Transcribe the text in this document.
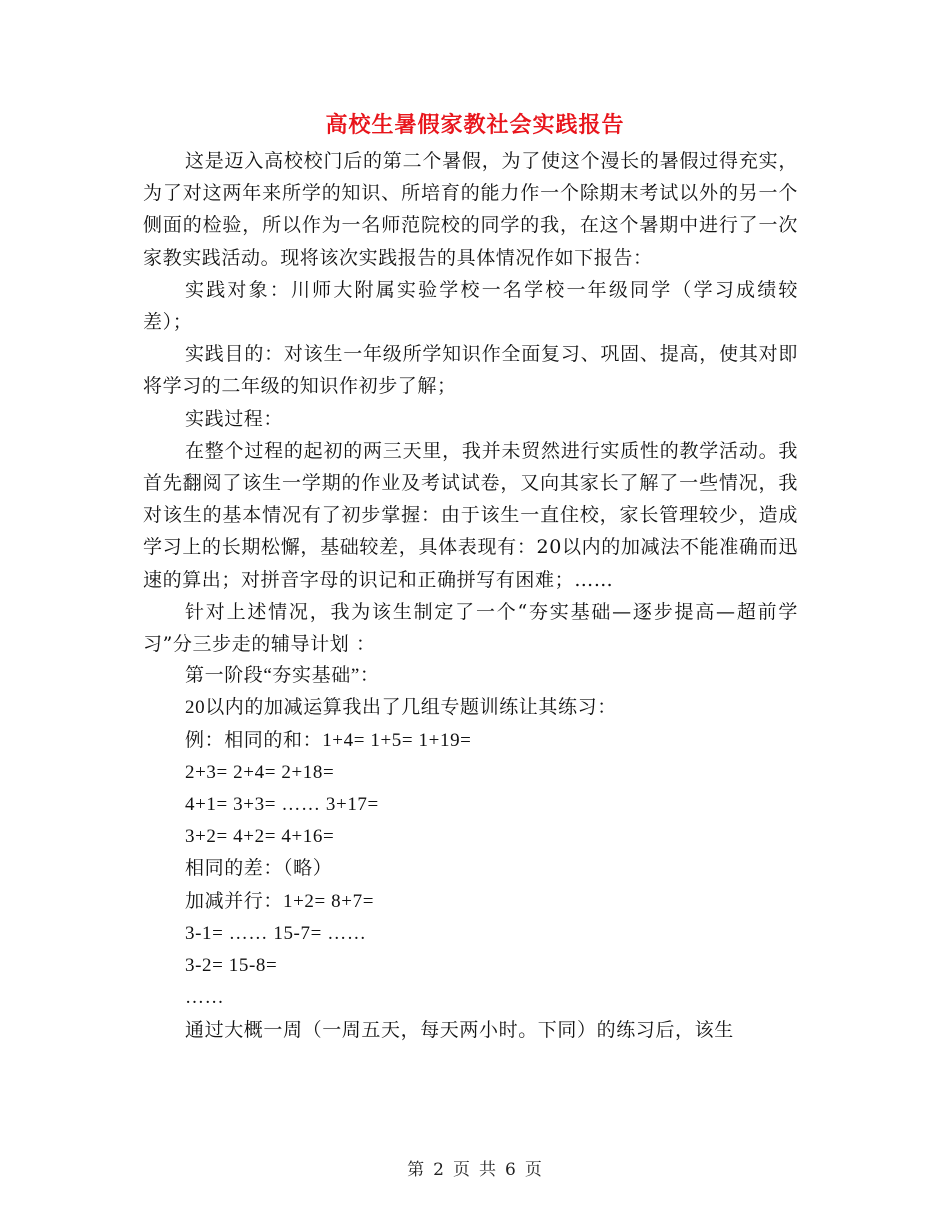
高校生暑假家教社会实践报告

这是迈入高校校门后的第二个暑假，为了使这个漫长的暑假过得充实，为了对这两年来所学的知识、所培育的能力作一个除期末考试以外的另一个侧面的检验，所以作为一名师范院校的同学的我，在这个暑期中进行了一次家教实践活动。现将该次实践报告的具体情况作如下报告：

实践对象：川师大附属实验学校一名学校一年级同学（学习成绩较差）；

实践目的：对该生一年级所学知识作全面复习、巩固、提高，使其对即将学习的二年级的知识作初步了解；

实践过程：

在整个过程的起初的两三天里，我并未贸然进行实质性的教学活动。我首先翻阅了该生一学期的作业及考试试卷，又向其家长了解了一些情况，我对该生的基本情况有了初步掌握：由于该生一直住校，家长管理较少，造成学习上的长期松懈，基础较差，具体表现有：20以内的加减法不能准确而迅速的算出；对拼音字母的识记和正确拼写有困难；……

针对上述情况，我为该生制定了一个“夯实基础—逐步提高—超前学习”分三步走的辅导计划 ：

第一阶段“夯实基础”：

20以内的加减运算我出了几组专题训练让其练习：

例：相同的和：1+4= 1+5= 1+19=

2+3= 2+4= 2+18=

4+1= 3+3= …… 3+17=

3+2= 4+2= 4+16=

相同的差：（略）

加减并行：1+2= 8+7=

3-1= …… 15-7= ……

3-2= 15-8=

……

通过大概一周（一周五天，每天两小时。下同）的练习后，该生

第 2 页 共 6 页
